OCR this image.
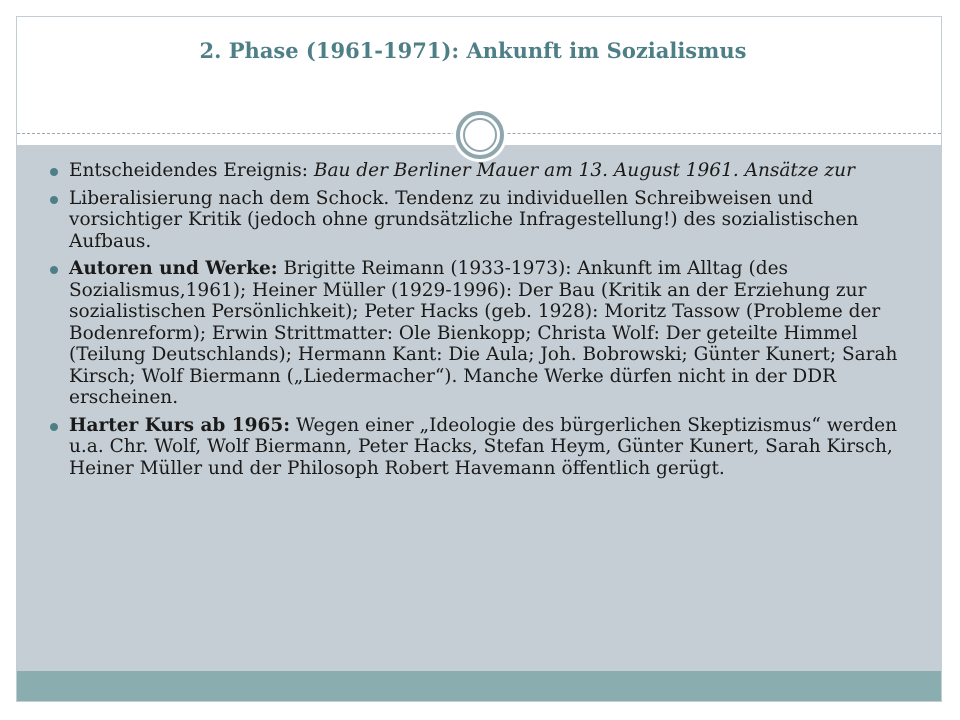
2. Phase (1961-1971): Ankunft im Sozialismus
Entscheidendes Ereignis: Bau der Berliner Mauer am 13. August 1961. Ansätze zur
Liberalisierung nach dem Schock. Tendenz zu individuellen Schreibweisen und vorsichtiger Kritik (jedoch ohne grundsätzliche Infragestellung!) des sozialistischen Aufbaus.
Autoren und Werke: Brigitte Reimann (1933-1973): Ankunft im Alltag (des Sozialismus,1961); Heiner Müller (1929-1996): Der Bau (Kritik an der Erziehung zur sozialistischen Persönlichkeit); Peter Hacks (geb. 1928): Moritz Tassow (Probleme der Bodenreform); Erwin Strittmatter: Ole Bienkopp; Christa Wolf: Der geteilte Himmel (Teilung Deutschlands); Hermann Kant: Die Aula; Joh. Bobrowski; Günter Kunert; Sarah Kirsch; Wolf Biermann („Liedermacher“). Manche Werke dürfen nicht in der DDR erscheinen.
Harter Kurs ab 1965: Wegen einer „Ideologie des bürgerlichen Skeptizismus“ werden u.a. Chr. Wolf, Wolf Biermann, Peter Hacks, Stefan Heym, Günter Kunert, Sarah Kirsch, Heiner Müller und der Philosoph Robert Havemann öffentlich gerügt.
